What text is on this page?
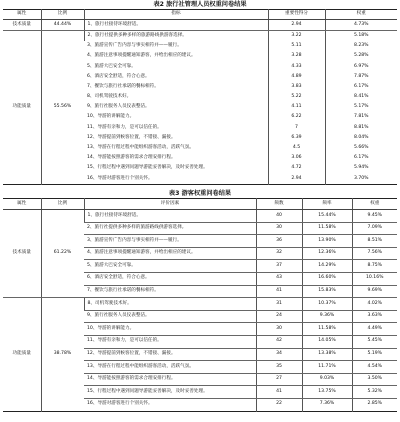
表2 旅行社管理人员权重问卷结果
属性	比例	指标	重要性得分	权重
技术质量	44.44%	1、旅行社接待环境舒适。	2.94	4.73%
功能质量	55.56%	2、旅行社提供多种多样的旅游路线供游客选择。	3.22	5.18%
		3、旅游宣传广告内容与事实相符并——履行。	5.11	8.23%
		4、旅游注意事项提醒通知游客，并给出相应的建议。	3.28	5.28%
		5、旅游大巴安全可靠。	4.33	6.97%
		6、酒店安全舒适，符合心意。	4.89	7.87%
		7、餐饮与旅行社承诺的餐标相符。	3.83	6.17%
		8、司机驾驶技术好。	5.22	8.41%
		9、旅行社服务人员仪表整洁。	4.11	5.17%
		10、导游的讲解能力。	6.22	7.81%
		11、导游有亲和力，是可以信任的。	7	8.81%
		12、导游提前到候客位置，不错接、漏接。	6.39	8.04%
		13、导游在行程过程中能组织游客活动，活跃气氛。	4.5	5.66%
		14、导游能按照游客的需求合理安排行程。	3.06	6.17%
		15、行程过程中遇到问题导游能妥善解决，及时妥善处理。	4.72	5.94%
		16、导游对游客进行个别关怀。	2.94	3.70%
表3 游客权重问卷结果
属性	比例	评价因素	频数	频率	权重
技术质量	61.22%	1、旅行社接待环境舒适。	40	15.44%	9.45%
		2、旅行社提供多种多样的旅游路线供游客选择。	30	11.58%	7.09%
		3、旅游宣传广告内容与事实相符并——履行。	36	13.90%	8.51%
		4、旅游注意事项提醒通知游客，并给出相应的建议。	32	12.36%	7.56%
		5、旅游大巴安全可靠。	37	14.29%	8.75%
		6、酒店安全舒适，符合心意。	43	16.60%	10.16%
		7、餐饮与旅行社承诺的餐标相符。	41	15.83%	9.69%
功能质量	38.78%	8、司机驾驶技术好。	31	10.37%	4.02%
		9、旅行社服务人员仪表整洁。	24	9.36%	3.63%
		10、导游的讲解能力。	30	11.58%	4.49%
		11、导游有亲和力，是可以信任的。	42	14.05%	5.45%
		12、导游提前到候客位置，不错接、漏接。	34	13.38%	5.19%
		13、导游在行程过程中能组织游客活动，活跃气氛。	35	11.71%	4.54%
		14、导游能按照游客的需求合理安排行程。	27	9.03%	3.50%
		15、行程过程中遇到问题导游能妥善解决，及时妥善处理。	41	13.75%	5.32%
		16、导游对游客进行个别关怀。	22	7.36%	2.85%
